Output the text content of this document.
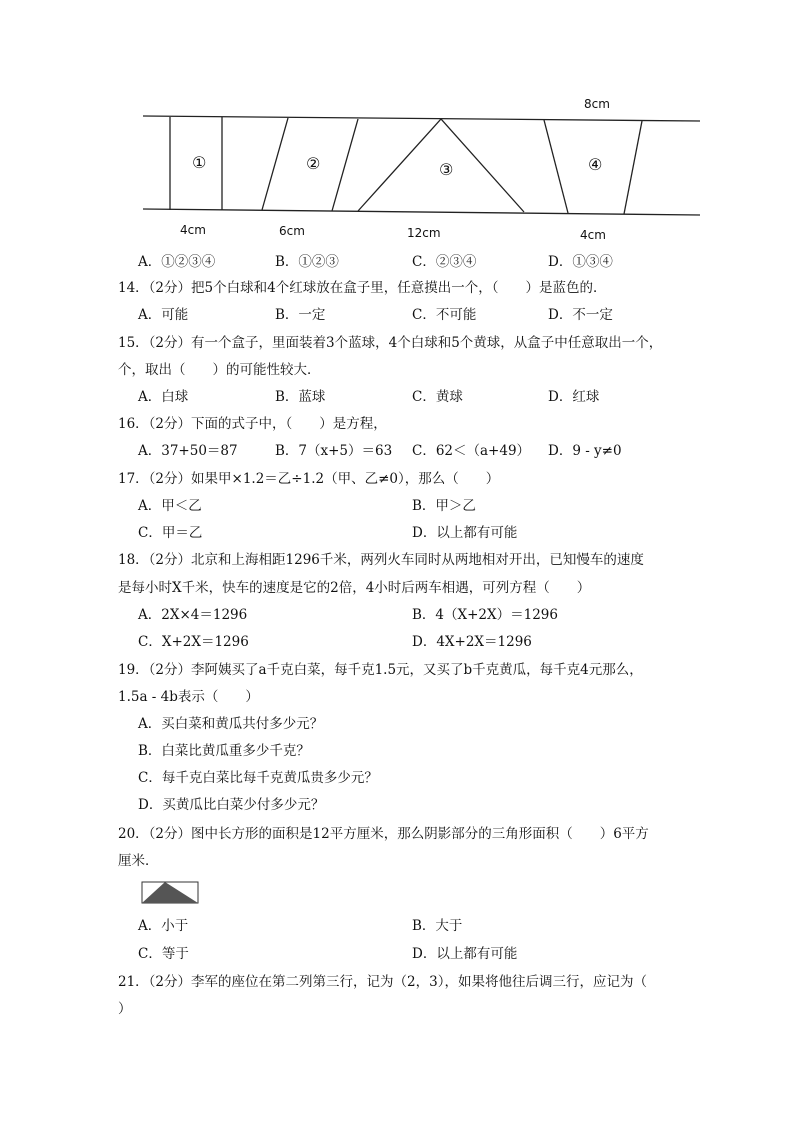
8cm
①	②	③	④
4cm	6cm	12cm	4cm
A．①②③④	B．①②③	C．②③④	D．①③④
14．（2分）把5个白球和4个红球放在盒子里，任意摸出一个，（　　）是蓝色的．
A．可能	B．一定	C．不可能	D．不一定
15．（2分）有一个盒子，里面装着3个蓝球，4个白球和5个黄球，从盒子中任意取出一个，
个，取出（　　）的可能性较大．
A．白球	B．蓝球	C．黄球	D．红球
16．（2分）下面的式子中，（　　）是方程，
A．37+50＝87	B．7（x+5）＝63 C．62＜（a+49） D．9 - y≠0
17．（2分）如果甲×1.2＝乙÷1.2（甲、乙≠0），那么（　　）
A．甲＜乙	B．甲＞乙
C．甲＝乙	D．以上都有可能
18．（2分）北京和上海相距1296千米，两列火车同时从两地相对开出，已知慢车的速度
是每小时X千米，快车的速度是它的2倍，4小时后两车相遇，可列方程（　　）
A．2X×4＝1296	B．4（X+2X）＝1296
C．X+2X＝1296	D．4X+2X＝1296
19．（2分）李阿姨买了a千克白菜，每千克1.5元，又买了b千克黄瓜，每千克4元那么，
1.5a - 4b表示（　　）
A．买白菜和黄瓜共付多少元？
B．白菜比黄瓜重多少千克？
C．每千克白菜比每千克黄瓜贵多少元？
D．买黄瓜比白菜少付多少元？
20．（2分）图中长方形的面积是12平方厘米，那么阴影部分的三角形面积（　　）6平方
厘米．
A．小于	B．大于
C．等于	D．以上都有可能
21．（2分）李军的座位在第二列第三行，记为（2，3），如果将他往后调三行，应记为（
）
